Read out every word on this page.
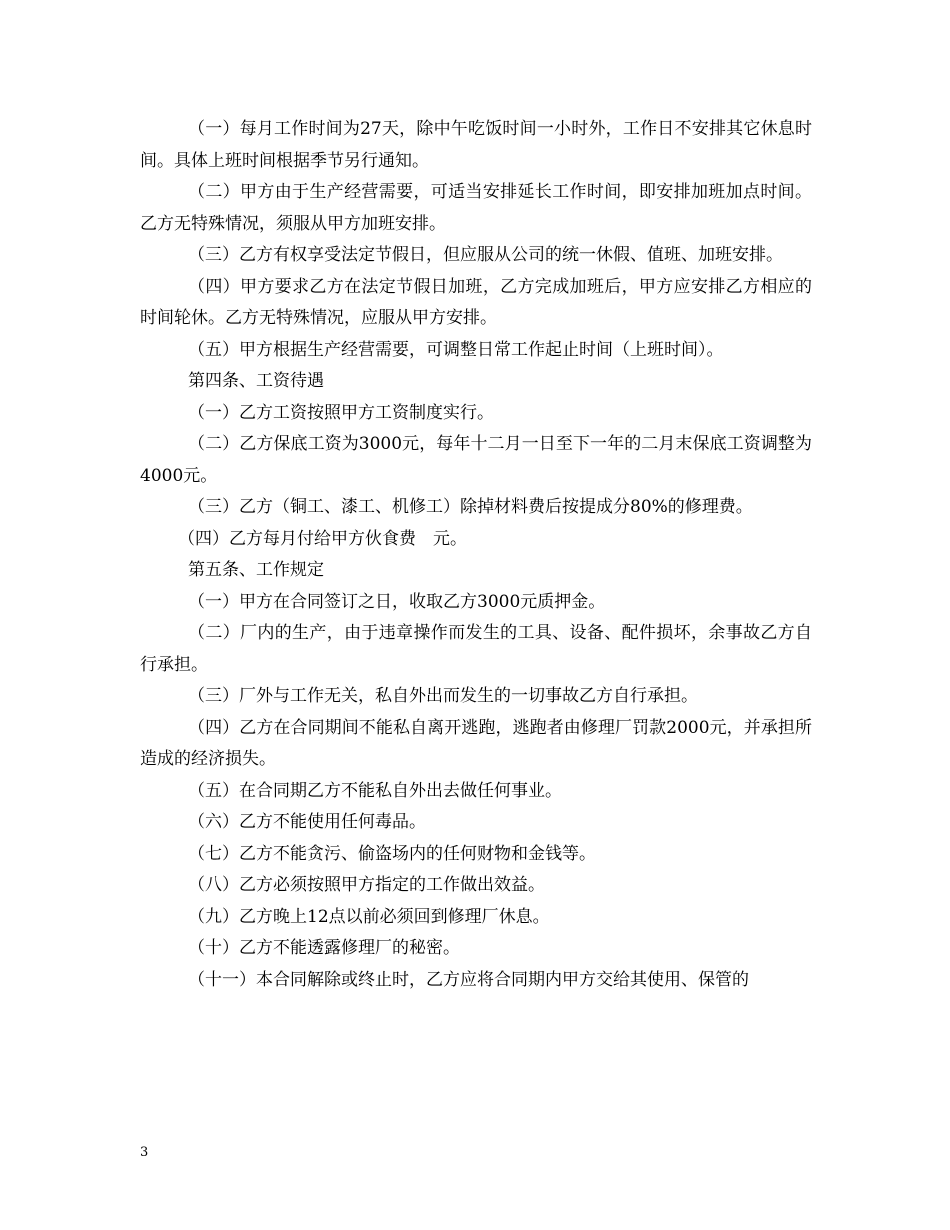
（一）每月工作时间为27天，除中午吃饭时间一小时外，工作日不安排其它休息时间。具体上班时间根据季节另行通知。

（二）甲方由于生产经营需要，可适当安排延长工作时间，即安排加班加点时间。乙方无特殊情况，须服从甲方加班安排。

（三）乙方有权享受法定节假日，但应服从公司的统一休假、值班、加班安排。

（四）甲方要求乙方在法定节假日加班，乙方完成加班后，甲方应安排乙方相应的时间轮休。乙方无特殊情况，应服从甲方安排。

（五）甲方根据生产经营需要，可调整日常工作起止时间（上班时间）。

第四条、工资待遇

（一）乙方工资按照甲方工资制度实行。

（二）乙方保底工资为3000元，每年十二月一日至下一年的二月末保底工资调整为4000元。

（三）乙方（铜工、漆工、机修工）除掉材料费后按提成分80%的修理费。

（四）乙方每月付给甲方伙食费　元。

第五条、工作规定

（一）甲方在合同签订之日，收取乙方3000元质押金。

（二）厂内的生产，由于违章操作而发生的工具、设备、配件损坏，余事故乙方自行承担。

（三）厂外与工作无关，私自外出而发生的一切事故乙方自行承担。

（四）乙方在合同期间不能私自离开逃跑，逃跑者由修理厂罚款2000元，并承担所造成的经济损失。

（五）在合同期乙方不能私自外出去做任何事业。

（六）乙方不能使用任何毒品。

（七）乙方不能贪污、偷盗场内的任何财物和金钱等。

（八）乙方必须按照甲方指定的工作做出效益。

（九）乙方晚上12点以前必须回到修理厂休息。

（十）乙方不能透露修理厂的秘密。

（十一）本合同解除或终止时，乙方应将合同期内甲方交给其使用、保管的

3
